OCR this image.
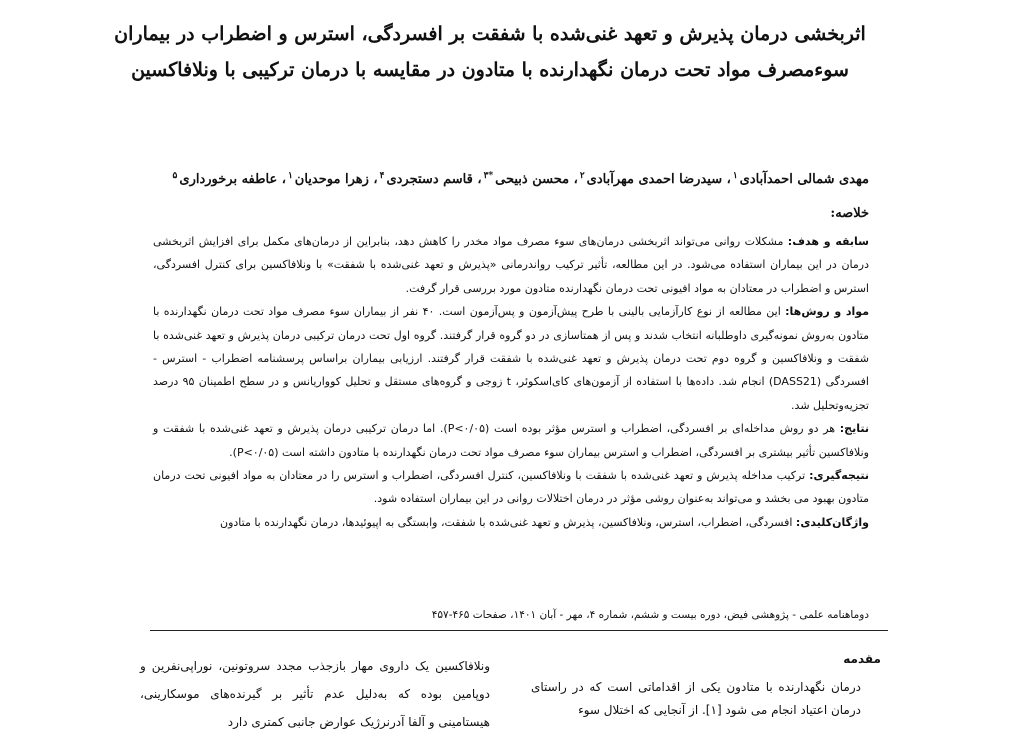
اثربخشی درمان پذیرش و تعهد غنی‌شده با شفقت بر افسردگی، استرس و اضطراب در بیماران سوءمصرف مواد تحت درمان نگهدارنده با متادون در مقایسه با درمان ترکیبی با ونلافاکسین
مهدی شمالی احمدآبادی$^۱$، سیدرضا احمدی مهرآبادی$^۲$، محسن ذبیحی$^{*۳}$، قاسم دستجردی$^۴$، زهرا موحدیان$^۱$، عاطفه برخورداری$^۵$
خلاصه:

سابقه و هدف: مشکلات روانی می‌تواند اثربخشی درمان‌های سوء مصرف مواد مخدر را کاهش دهد، بنابراین از درمان‌های مکمل برای افزایش اثربخشی درمان در این بیماران استفاده می‌شود. در این مطالعه، تأثیر ترکیب رواندرمانی «پذیرش و تعهد غنی‌شده با شفقت» با ونلافاکسین برای کنترل افسردگی، استرس و اضطراب در معتادان به مواد افیونی تحت درمان نگهدارنده متادون مورد بررسی قرار گرفت.

مواد و روش‌ها: این مطالعه از نوع کارآزمایی بالینی با طرح پیش‌آزمون و پس‌آزمون است. ۴۰ نفر از بیماران سوء مصرف مواد تحت درمان نگهدارنده با متادون به‌روش نمونه‌گیری داوطلبانه انتخاب شدند و پس از همتاسازی در دو گروه قرار گرفتند. گروه اول تحت درمان ترکیبی درمان پذیرش و تعهد غنی‌شده با شفقت و ونلافاکسین و گروه دوم تحت درمان پذیرش و تعهد غنی‌شده با شفقت قرار گرفتند. ارزیابی بیماران براساس پرسشنامه اضطراب - استرس - افسردگی (DASS21) انجام شد. داده‌ها با استفاده از آزمون‌های کای‌اسکوئر، t زوجی و گروه‌های مستقل و تحلیل کوواریانس و در سطح اطمینان ۹۵ درصد تجزیه‌وتحلیل شد.

نتایج: هر دو روش مداخله‌ای بر افسردگی، اضطراب و استرس مؤثر بوده است (P<۰/۰۵). اما درمان ترکیبی درمان پذیرش و تعهد غنی‌شده با شفقت و ونلافاکسین تأثیر بیشتری بر افسردگی، اضطراب و استرس بیماران سوء مصرف مواد تحت درمان نگهدارنده با متادون داشته است (P<۰/۰۵).

نتیجه‌گیری: ترکیب مداخله پذیرش و تعهد غنی‌شده با شفقت با ونلافاکسین، کنترل افسردگی، اضطراب و استرس را در معتادان به مواد افیونی تحت درمان متادون بهبود می بخشد و می‌تواند به‌عنوان روشی مؤثر در درمان اختلالات روانی در این بیماران استفاده شود.

واژگان‌کلیدی: افسردگی، اضطراب، استرس، ونلافاکسین، پذیرش و تعهد غنی‌شده با شفقت، وابستگی به اپیوئیدها، درمان نگهدارنده با متادون

دوماهنامه علمی - پژوهشی فیض، دوره بیست و ششم، شماره ۴، مهر - آبان ۱۴۰۱، صفحات ۴۶۵-۴۵۷
مقدمه

درمان نگهدارنده با متادون یکی از اقداماتی است که در راستای درمان اعتیاد انجام می شود [۱]. از آنجایی که اختلال سوء

ونلافاکسین یک داروی مهار بازجذب مجدد سروتونین، نوراپی‌نفرین و دوپامین بوده که به‌دلیل عدم تأثیر بر گیرنده‌های موسکارینی، هیستامینی و آلفا آدرنرژیک عوارض جانبی کمتری دارد
